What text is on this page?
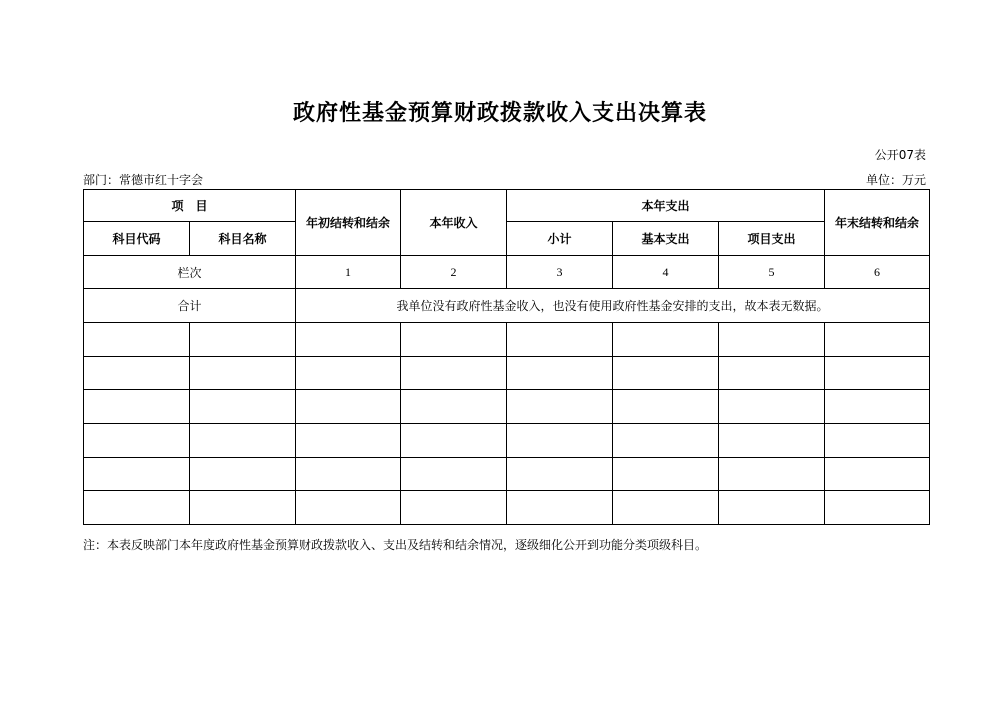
政府性基金预算财政拨款收入支出决算表
公开07表
部门：常德市红十字会	单位：万元
项　目		年初结转和结余	本年收入	本年支出			年末结转和结余
科目代码	科目名称			小计	基本支出	项目支出	
栏次		1	2	3	4	5	6
合计		我单位没有政府性基金收入，也没有使用政府性基金安排的支出，故本表无数据。					

注：本表反映部门本年度政府性基金预算财政拨款收入、支出及结转和结余情况，逐级细化公开到功能分类项级科目。
